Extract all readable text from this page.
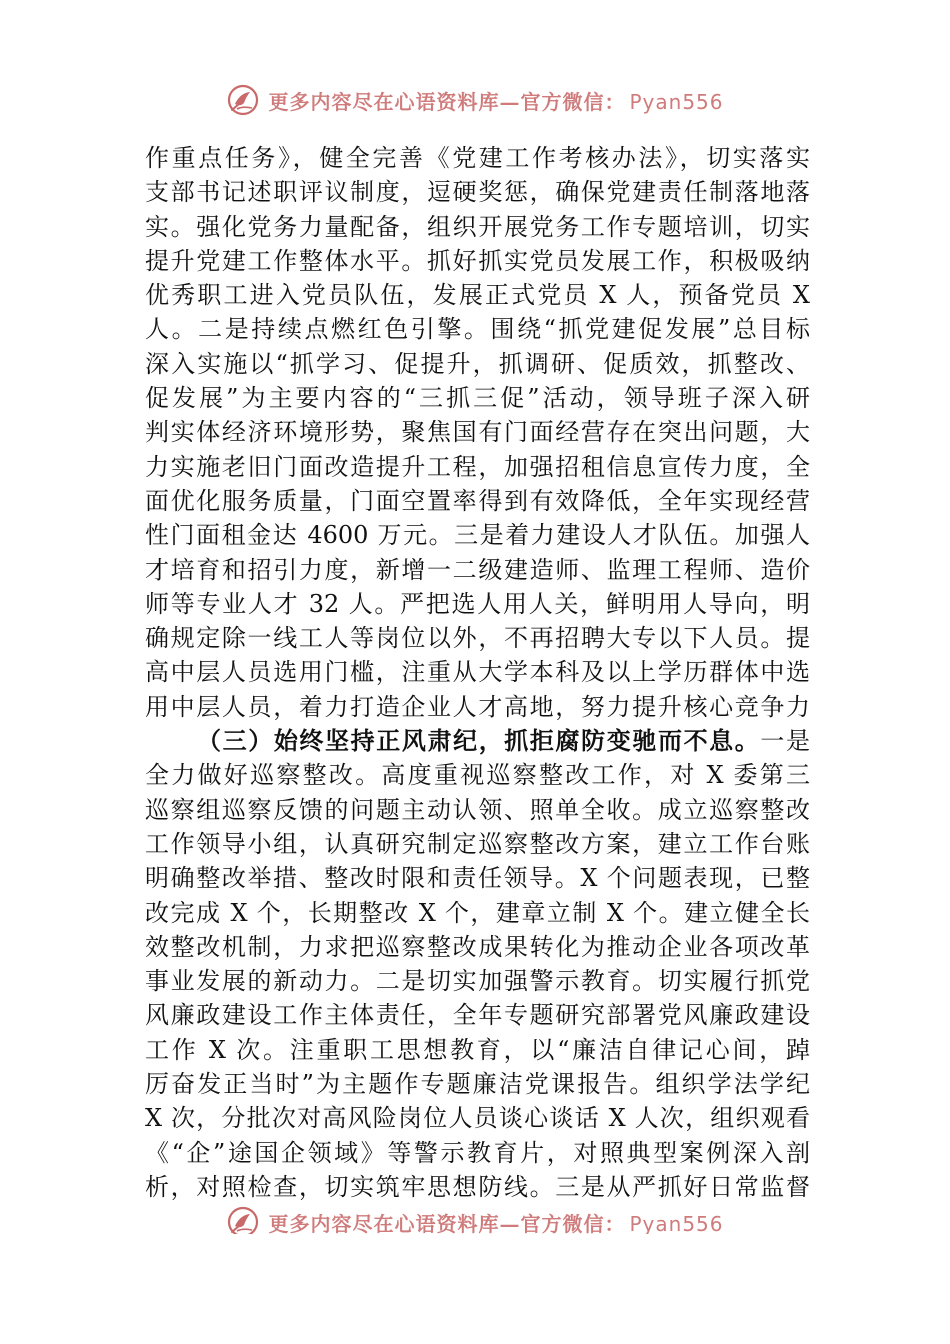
更多内容尽在心语资料库—官方微信： Pyan556
作重点任务》，健全完善《党建工作考核办法》，切实落实
支部书记述职评议制度，逗硬奖惩，确保党建责任制落地落
实。强化党务力量配备，组织开展党务工作专题培训，切实
提升党建工作整体水平。抓好抓实党员发展工作，积极吸纳
优秀职工进入党员队伍，发展正式党员 X 人，预备党员 X
人。二是持续点燃红色引擎。围绕“抓党建促发展”总目标
深入实施以“抓学习、促提升，抓调研、促质效，抓整改、
促发展”为主要内容的“三抓三促”活动，领导班子深入研
判实体经济环境形势，聚焦国有门面经营存在突出问题，大
力实施老旧门面改造提升工程，加强招租信息宣传力度，全
面优化服务质量，门面空置率得到有效降低，全年实现经营
性门面租金达 4600 万元。三是着力建设人才队伍。加强人
才培育和招引力度，新增一二级建造师、监理工程师、造价
师等专业人才 32 人。严把选人用人关，鲜明用人导向，明
确规定除一线工人等岗位以外，不再招聘大专以下人员。提
高中层人员选用门槛，注重从大学本科及以上学历群体中选
用中层人员，着力打造企业人才高地，努力提升核心竞争力
（三）始终坚持正风肃纪，抓拒腐防变驰而不息。一是
全力做好巡察整改。高度重视巡察整改工作，对 X 委第三
巡察组巡察反馈的问题主动认领、照单全收。成立巡察整改
工作领导小组，认真研究制定巡察整改方案，建立工作台账
明确整改举措、整改时限和责任领导。X 个问题表现，已整
改完成 X 个，长期整改 X 个，建章立制 X 个。建立健全长
效整改机制，力求把巡察整改成果转化为推动企业各项改革
事业发展的新动力。二是切实加强警示教育。切实履行抓党
风廉政建设工作主体责任，全年专题研究部署党风廉政建设
工作 X 次。注重职工思想教育，以“廉洁自律记心间，踔
厉奋发正当时”为主题作专题廉洁党课报告。组织学法学纪
X 次，分批次对高风险岗位人员谈心谈话 X 人次，组织观看
《“企”途国企领域》等警示教育片，对照典型案例深入剖
析，对照检查，切实筑牢思想防线。三是从严抓好日常监督
更多内容尽在心语资料库—官方微信： Pyan556
